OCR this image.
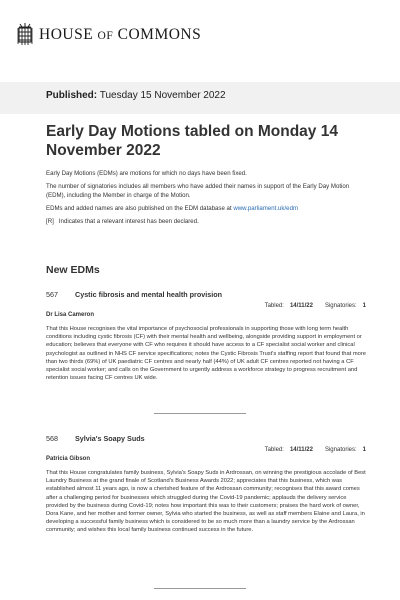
HOUSE OF COMMONS
Published: Tuesday 15 November 2022
Early Day Motions tabled on Monday 14 November 2022

Early Day Motions (EDMs) are motions for which no days have been fixed.

The number of signatories includes all members who have added their names in support of the Early Day Motion (EDM), including the Member in charge of the Motion.

EDMs and added names are also published on the EDM database at www.parliament.uk/edm

[R]   Indicates that a relevant interest has been declared.

New EDMs
567	Cystic fibrosis and mental health provision
Tabled: 14/11/22 Signatories: 1
Dr Lisa Cameron
That this House recognises the vital importance of psychosocial professionals in supporting those with long term health conditions including cystic fibrosis (CF) with their mental health and wellbeing, alongside providing support in employment or education; believes that everyone with CF who requires it should have access to a CF specialist social worker and clinical psychologist as outlined in NHS CF service specifications; notes the Cystic Fibrosis Trust's staffing report that found that more than two thirds (69%) of UK paediatric CF centres and nearly half (44%) of UK adult CF centres reported not having a CF specialist social worker; and calls on the Government to urgently address a workforce strategy to progress recruitment and retention issues facing CF centres UK wide.
568	Sylvia's Soapy Suds
Tabled: 14/11/22 Signatories: 1
Patricia Gibson
That this House congratulates family business, Sylvia's Soapy Suds in Ardrossan, on winning the prestigious accolade of Best Laundry Business at the grand finale of Scotland's Business Awards 2022; appreciates that this business, which was established almost 11 years ago, is now a cherished feature of the Ardrossan community; recognises that this award comes after a challenging period for businesses which struggled during the Covid-19 pandemic; applauds the delivery service provided by the business during Covid-19; notes how important this was to their customers; praises the hard work of owner, Dora Kane, and her mother and former owner, Sylvia who started the business, as well as staff members Elaine and Laura, in developing a successful family business which is considered to be so much more than a laundry service by the Ardrossan community; and wishes this local family business continued success in the future.
